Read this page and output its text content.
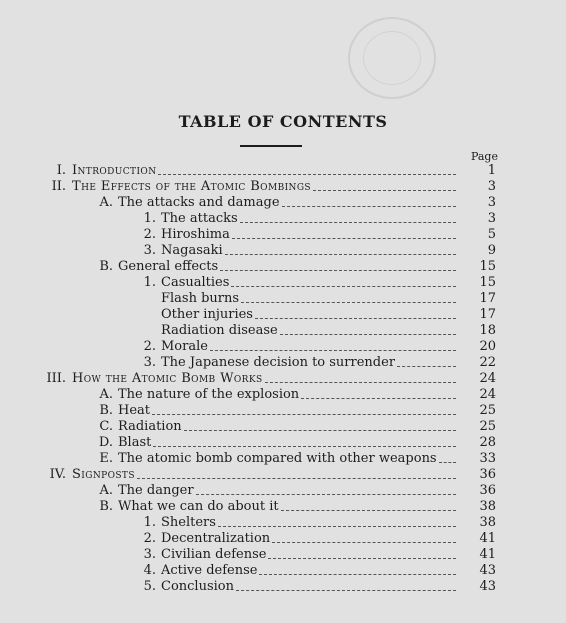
TABLE OF CONTENTS
Page
I. Introduction	1
II. The Effects of the Atomic Bombings	3
A. The attacks and damage	3
1. The attacks	3
2. Hiroshima	5
3. Nagasaki	9
B. General effects	15
1. Casualties	15
Flash burns	17
Other injuries	17
Radiation disease	18
2. Morale	20
3. The Japanese decision to surrender	22
III. How the Atomic Bomb Works	24
A. The nature of the explosion	24
B. Heat	25
C. Radiation	25
D. Blast	28
E. The atomic bomb compared with other weapons	33
IV. Signposts	36
A. The danger	36
B. What we can do about it	38
1. Shelters	38
2. Decentralization	41
3. Civilian defense	41
4. Active defense	43
5. Conclusion	43
